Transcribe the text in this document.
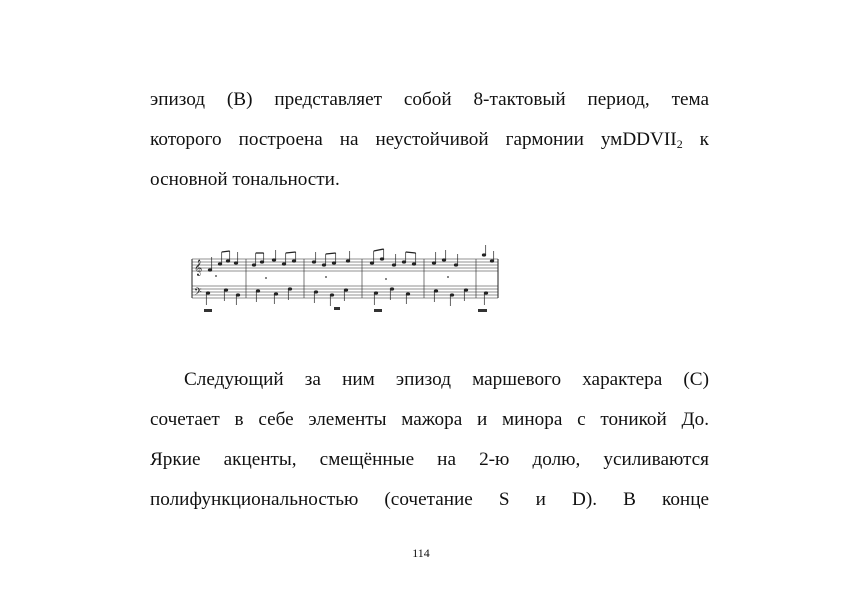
эпизод (В) представляет собой 8-тактовый период, тема
которого построена на неустойчивой гармонии умDDVII$_2$ к
основной тональности.
𝄞
𝄢
Следующий за ним эпизод маршевого характера (С)
сочетает в себе элементы мажора и минора с тоникой До.
Яркие акценты, смещённые на 2-ю долю, усиливаются
полифункциональностью (сочетание S и D). В конце
114
